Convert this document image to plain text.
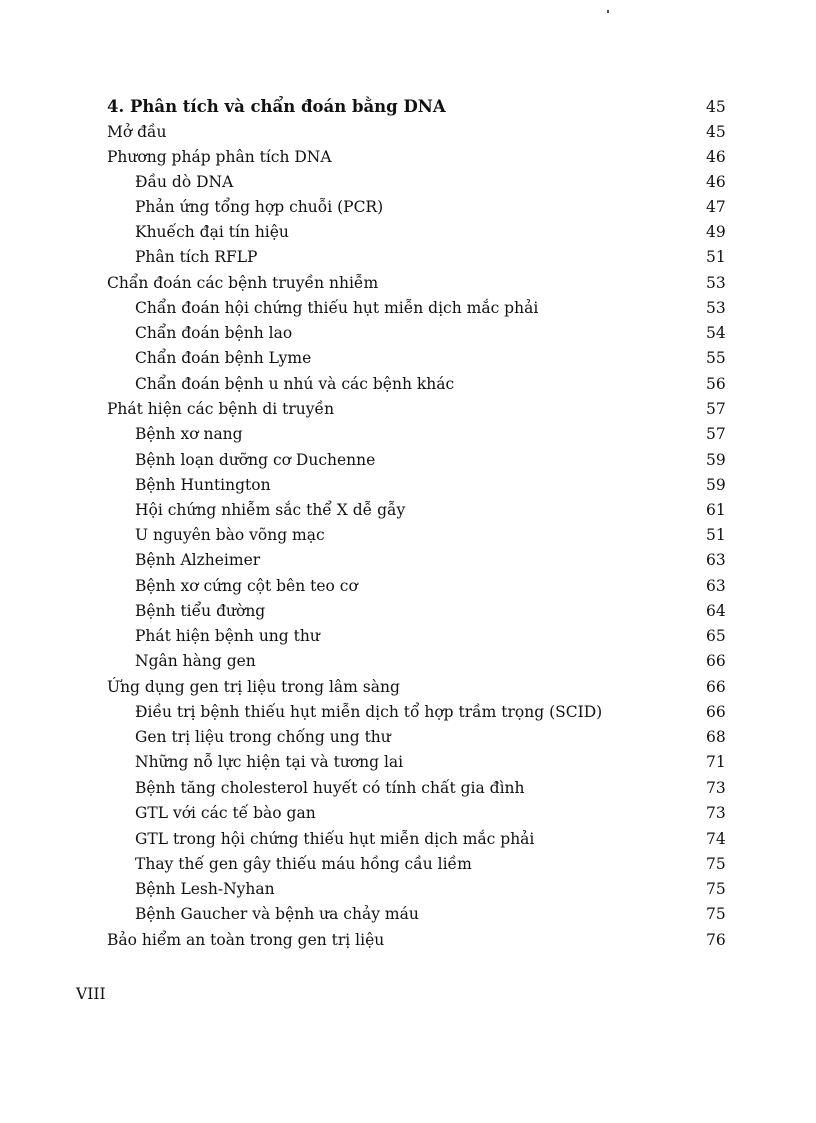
4. Phân tích và chẩn đoán bằng DNA	45
Mở đầu	45
Phương pháp phân tích DNA	46
Đầu dò DNA	46
Phản ứng tổng hợp chuỗi (PCR)	47
Khuếch đại tín hiệu	49
Phân tích RFLP	51
Chẩn đoán các bệnh truyền nhiễm	53
Chẩn đoán hội chứng thiếu hụt miễn dịch mắc phải	53
Chẩn đoán bệnh lao	54
Chẩn đoán bệnh Lyme	55
Chẩn đoán bệnh u nhú và các bệnh khác	56
Phát hiện các bệnh di truyền	57
Bệnh xơ nang	57
Bệnh loạn dưỡng cơ Duchenne	59
Bệnh Huntington	59
Hội chứng nhiễm sắc thể X dễ gẫy	61
U nguyên bào võng mạc	51
Bệnh Alzheimer	63
Bệnh xơ cứng cột bên teo cơ	63
Bệnh tiểu đường	64
Phát hiện bệnh ung thư	65
Ngân hàng gen	66
Ứng dụng gen trị liệu trong lâm sàng	66
Điều trị bệnh thiếu hụt miễn dịch tổ hợp trầm trọng (SCID)	66
Gen trị liệu trong chống ung thư	68
Những nỗ lực hiện tại và tương lai	71
Bệnh tăng cholesterol huyết có tính chất gia đình	73
GTL với các tế bào gan	73
GTL trong hội chứng thiếu hụt miễn dịch mắc phải	74
Thay thế gen gây thiếu máu hồng cầu liềm	75
Bệnh Lesh-Nyhan	75
Bệnh Gaucher và bệnh ưa chảy máu	75
Bảo hiểm an toàn trong gen trị liệu	76
VIII
